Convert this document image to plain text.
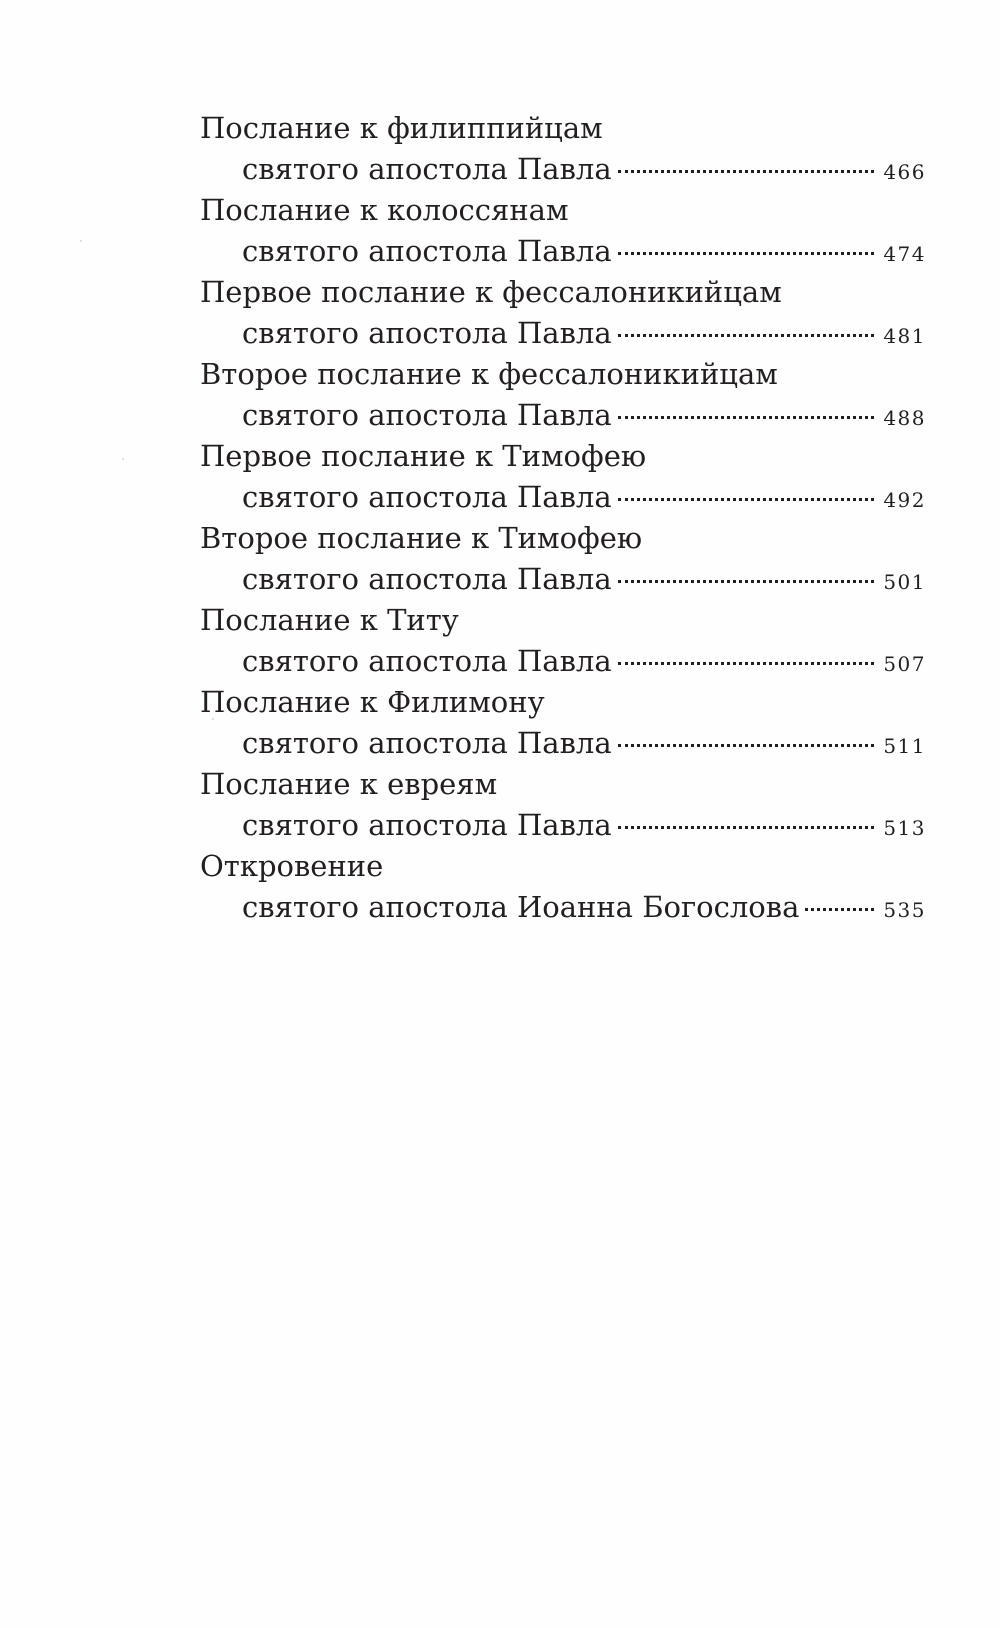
Послание к филиппийцам
святого апостола Павла	466
Послание к колоссянам
святого апостола Павла	474
Первое послание к фессалоникийцам
святого апостола Павла	481
Второе послание к фессалоникийцам
святого апостола Павла	488
Первое послание к Тимофею
святого апостола Павла	492
Второе послание к Тимофею
святого апостола Павла	501
Послание к Титу
святого апостола Павла	507
Послание к Филимону
святого апостола Павла	511
Послание к евреям
святого апостола Павла	513
Откровение
святого апостола Иоанна Богослова	535
